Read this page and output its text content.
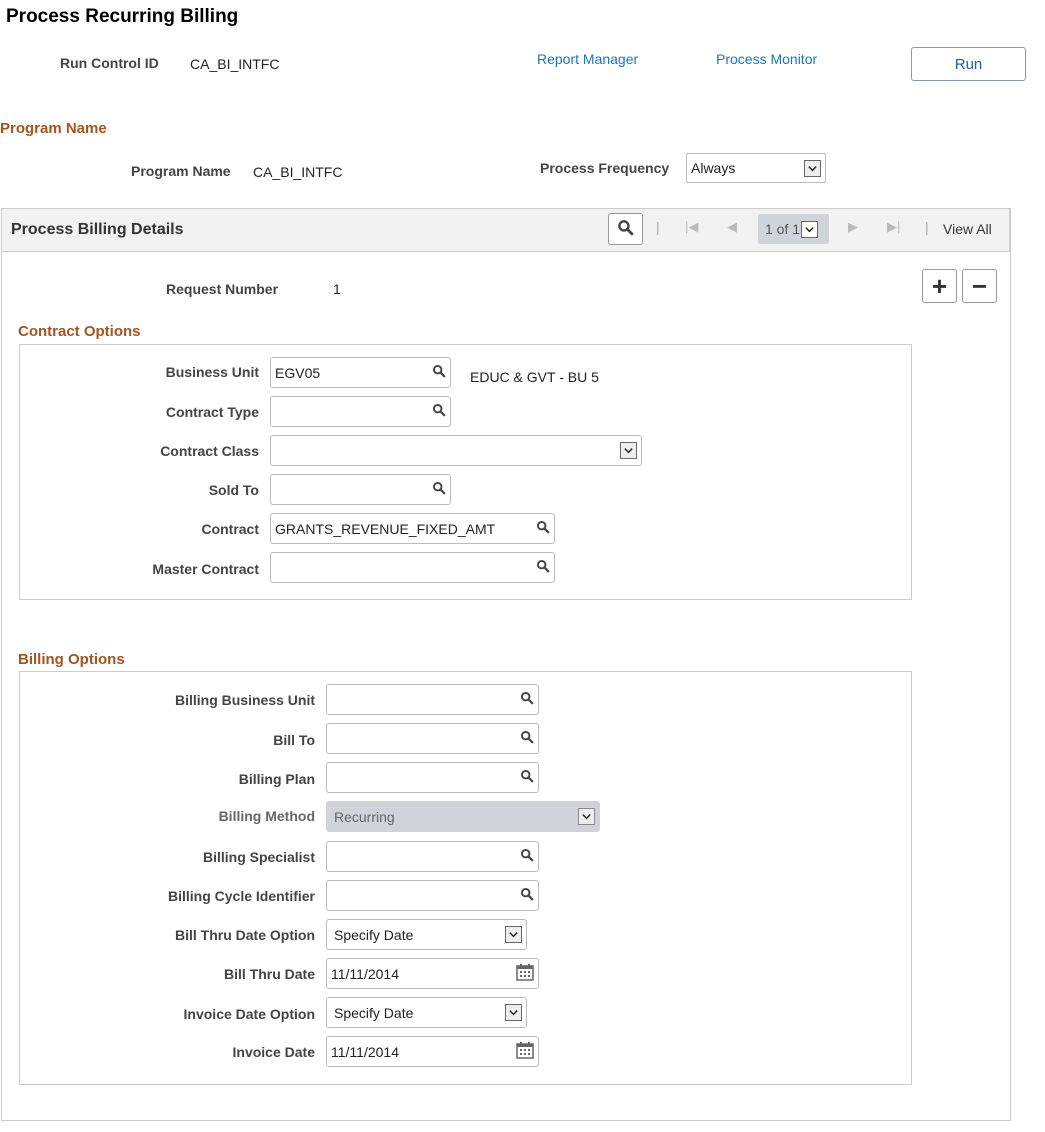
Process Recurring Billing
Run Control ID CA_BI_INTFC	Report Manager	Process Monitor	Run
Program Name
Program Name CA_BI_INTFC	Process Frequency Always
Process Billing Details	| |◀ ◀ 1 of 1	▶ ▶| | View All
Request Number	1	+ −
Contract Options
Business Unit EGV05	EDUC & GVT - BU 5
Contract Type
Contract Class
Sold To
Contract GRANTS_REVENUE_FIXED_AMT
Master Contract
Billing Options
Billing Business Unit
Bill To
Billing Plan
Billing Method Recurring
Billing Specialist
Billing Cycle Identifier
Bill Thru Date Option Specify Date
Bill Thru Date 11/11/2014
Invoice Date Option Specify Date
Invoice Date 11/11/2014
